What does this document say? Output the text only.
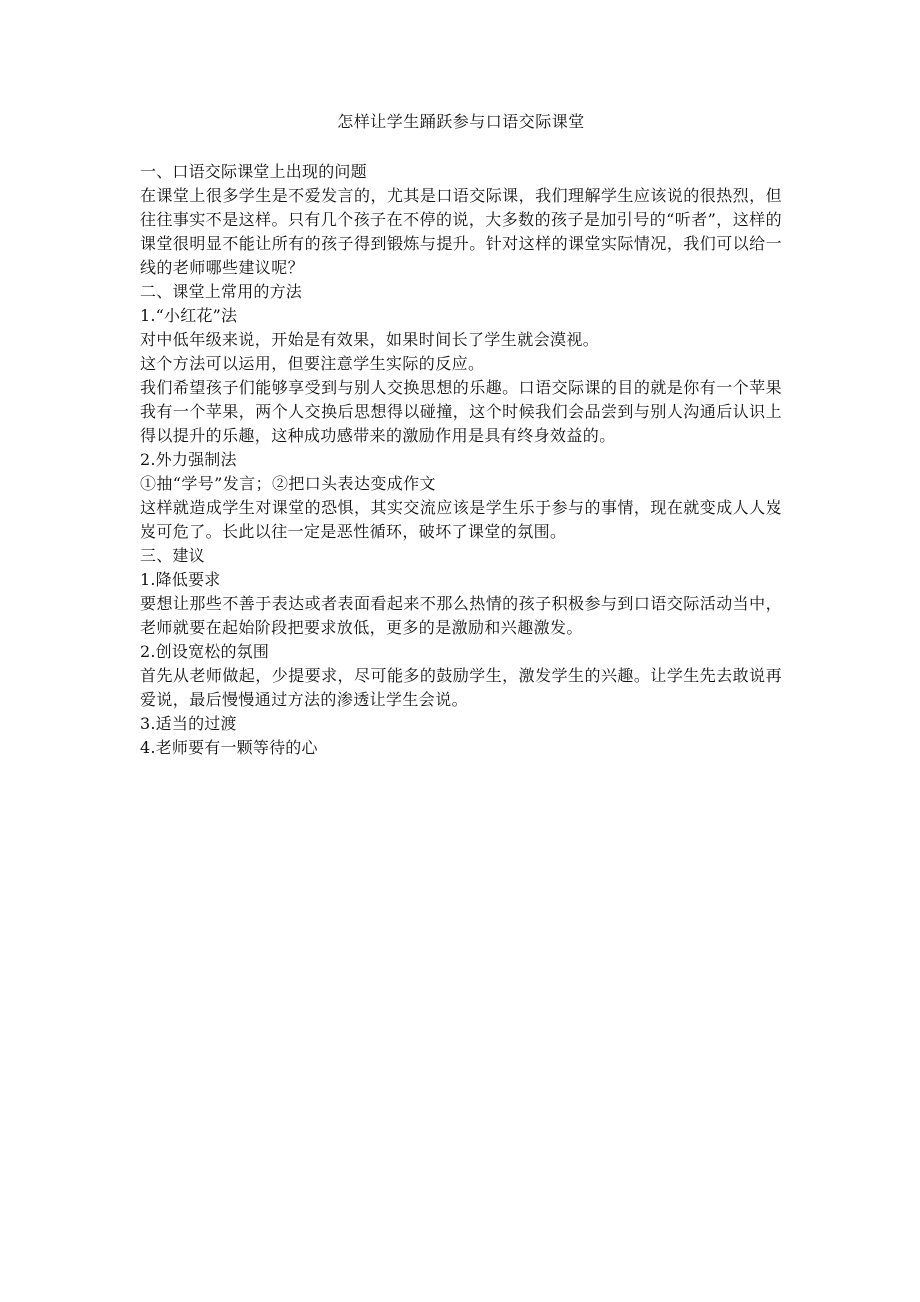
怎样让学生踊跃参与口语交际课堂
一、口语交际课堂上出现的问题
在课堂上很多学生是不爱发言的，尤其是口语交际课，我们理解学生应该说的很热烈，但往往事实不是这样。只有几个孩子在不停的说，大多数的孩子是加引号的“听者”，这样的课堂很明显不能让所有的孩子得到锻炼与提升。针对这样的课堂实际情况，我们可以给一线的老师哪些建议呢？
二、课堂上常用的方法
1.“小红花”法
对中低年级来说，开始是有效果，如果时间长了学生就会漠视。
这个方法可以运用，但要注意学生实际的反应。
我们希望孩子们能够享受到与别人交换思想的乐趣。口语交际课的目的就是你有一个苹果我有一个苹果，两个人交换后思想得以碰撞，这个时候我们会品尝到与别人沟通后认识上得以提升的乐趣，这种成功感带来的激励作用是具有终身效益的。
2.外力强制法
①抽“学号”发言；②把口头表达变成作文
这样就造成学生对课堂的恐惧，其实交流应该是学生乐于参与的事情，现在就变成人人岌岌可危了。长此以往一定是恶性循环，破坏了课堂的氛围。
三、建议
1.降低要求
要想让那些不善于表达或者表面看起来不那么热情的孩子积极参与到口语交际活动当中，老师就要在起始阶段把要求放低，更多的是激励和兴趣激发。
2.创设宽松的氛围
首先从老师做起，少提要求，尽可能多的鼓励学生，激发学生的兴趣。让学生先去敢说再爱说，最后慢慢通过方法的渗透让学生会说。
3.适当的过渡
4.老师要有一颗等待的心
